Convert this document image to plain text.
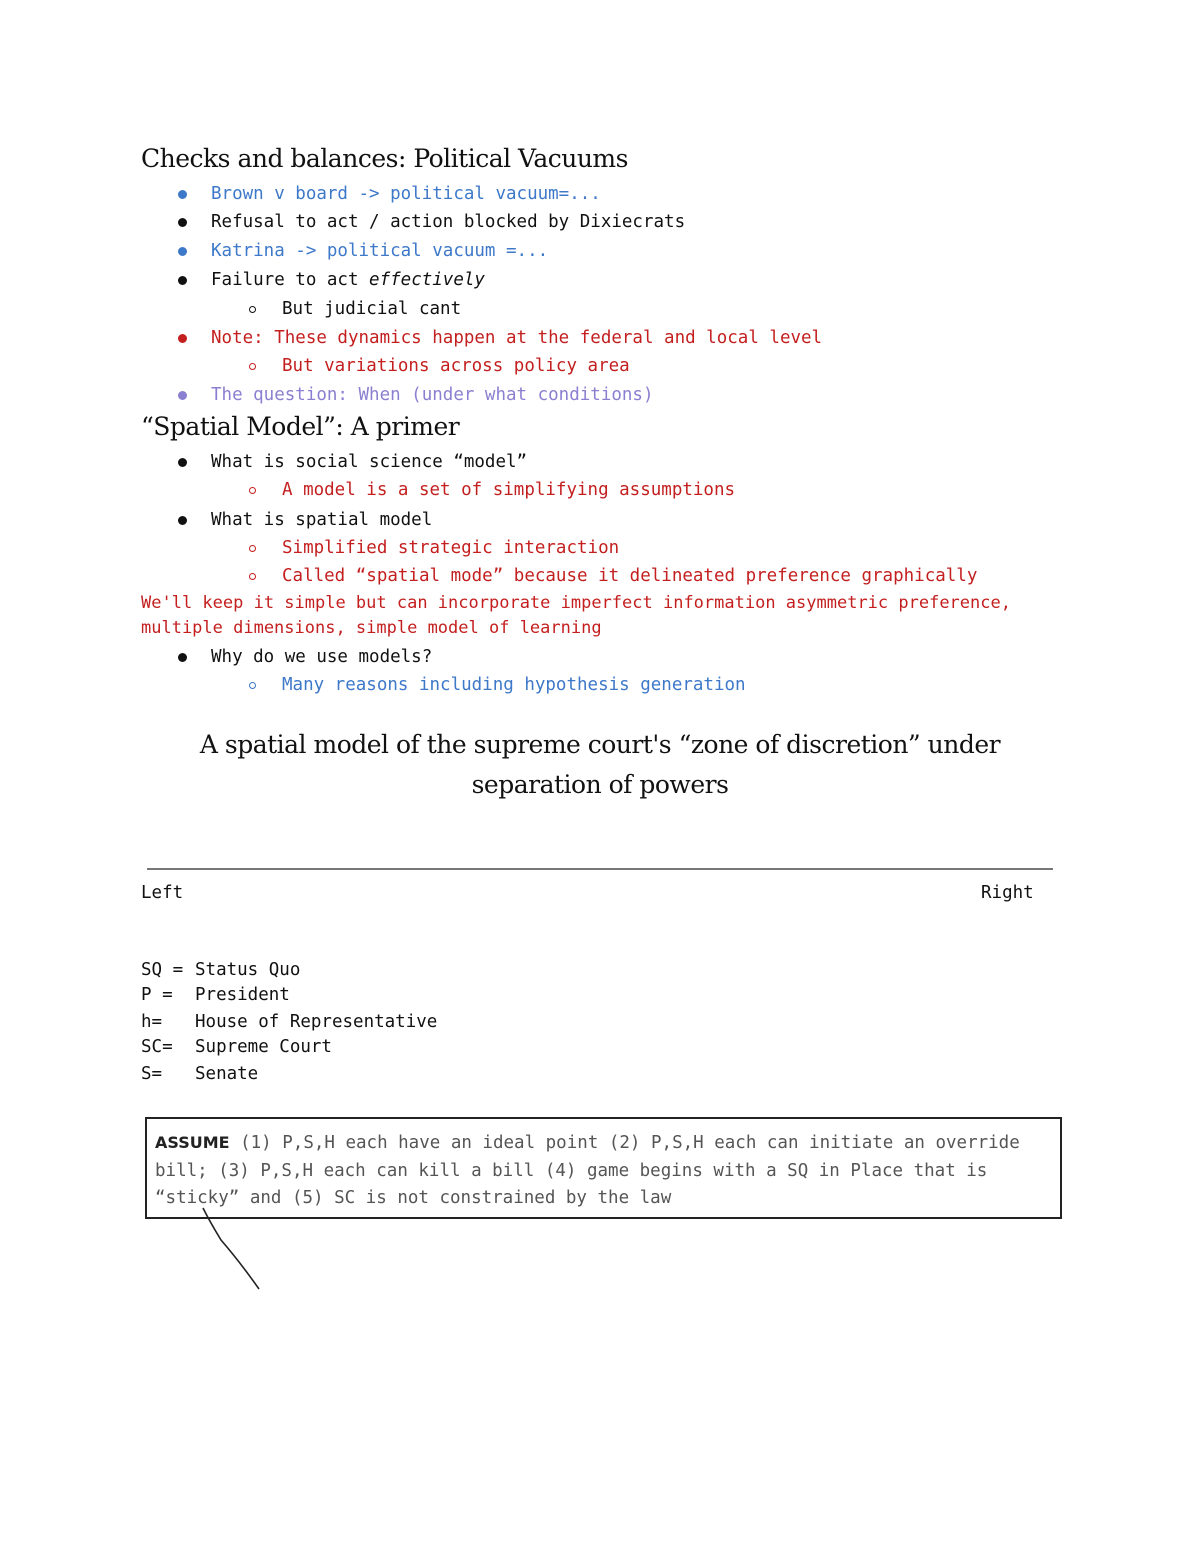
Checks and balances: Political Vacuums
Brown v board -> political vacuum=...
Refusal to act / action blocked by Dixiecrats
Katrina -> political vacuum =...
Failure to act effectively
But judicial cant
Note: These dynamics happen at the federal and local level
But variations across policy area
The question: When (under what conditions)
“Spatial Model”: A primer
What is social science “model”
A model is a set of simplifying assumptions
What is spatial model
Simplified strategic interaction
Called “spatial mode” because it delineated preference graphically
We'll keep it simple but can incorporate imperfect information asymmetric preference,
multiple dimensions, simple model of learning
Why do we use models?
Many reasons including hypothesis generation
A spatial model of the supreme court's “zone of discretion” under separation of powers
Left	Right
SQ = Status Quo
P = President
h= House of Representative
SC= Supreme Court
S= Senate
ASSUME (1) P,S,H each have an ideal point (2) P,S,H each can initiate an override
bill; (3) P,S,H each can kill a bill (4) game begins with a SQ in Place that is
“sticky” and (5) SC is not constrained by the law
